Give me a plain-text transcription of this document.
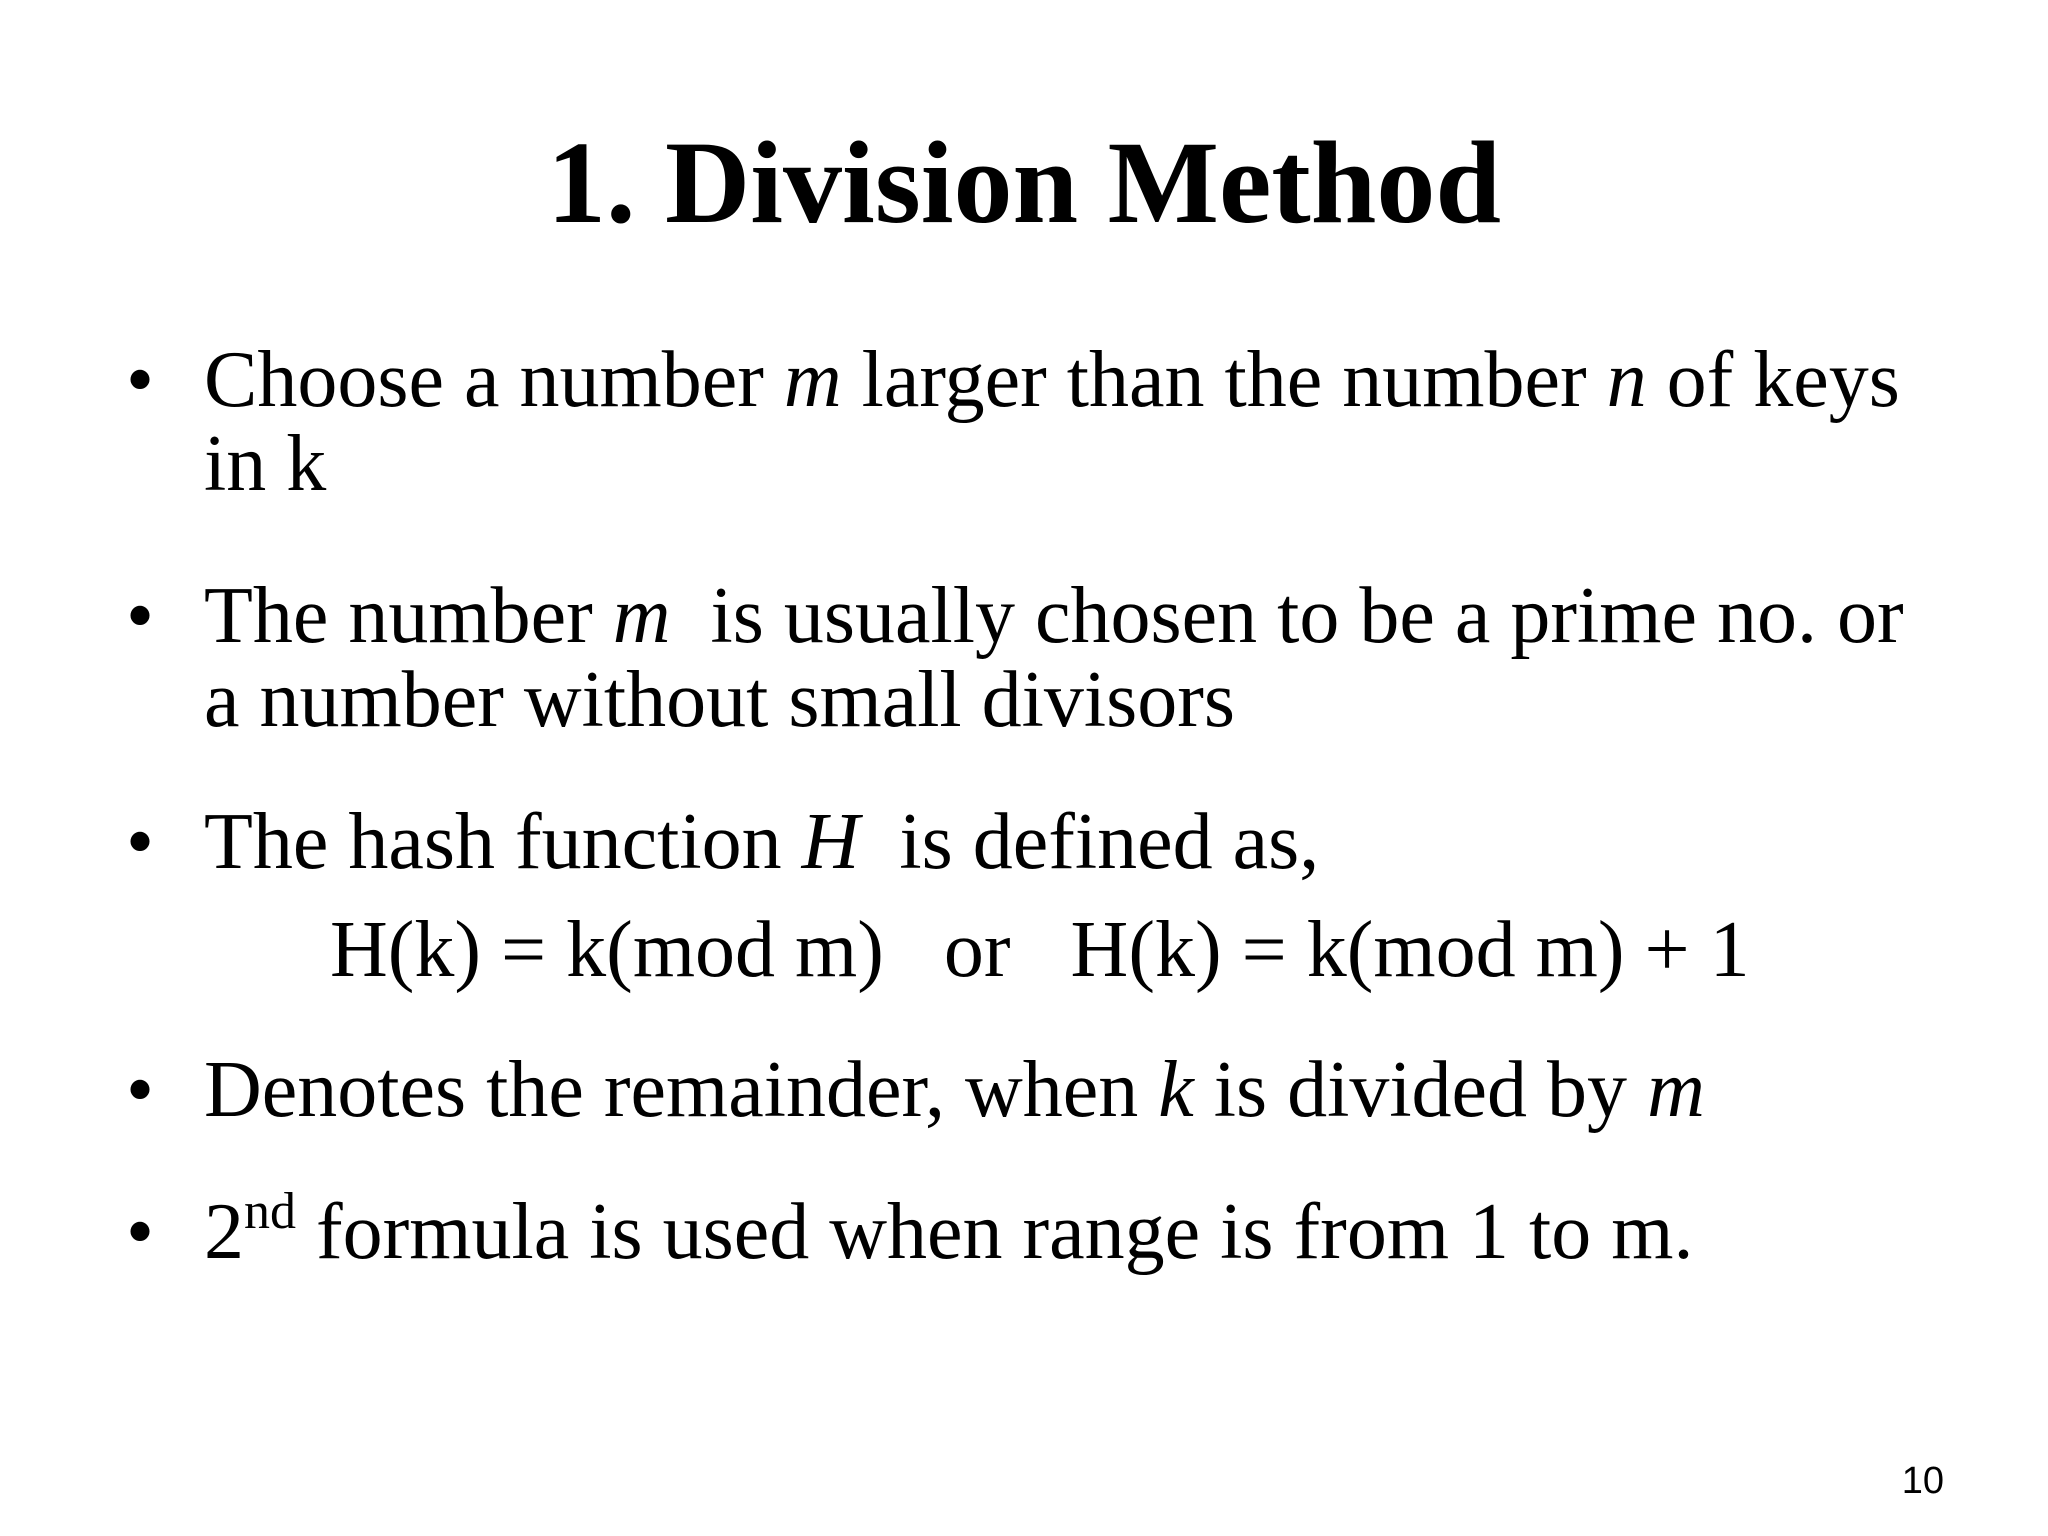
1. Division Method
• Choose a number m larger than the number n of keys
in k
• The number m  is usually chosen to be a prime no. or
a number without small divisors
• The hash function H  is defined as,
H(k) = k(mod m) or H(k) = k(mod m) + 1
• Denotes the remainder, when k is divided by m
• 2nd formula is used when range is from 1 to m.
10
